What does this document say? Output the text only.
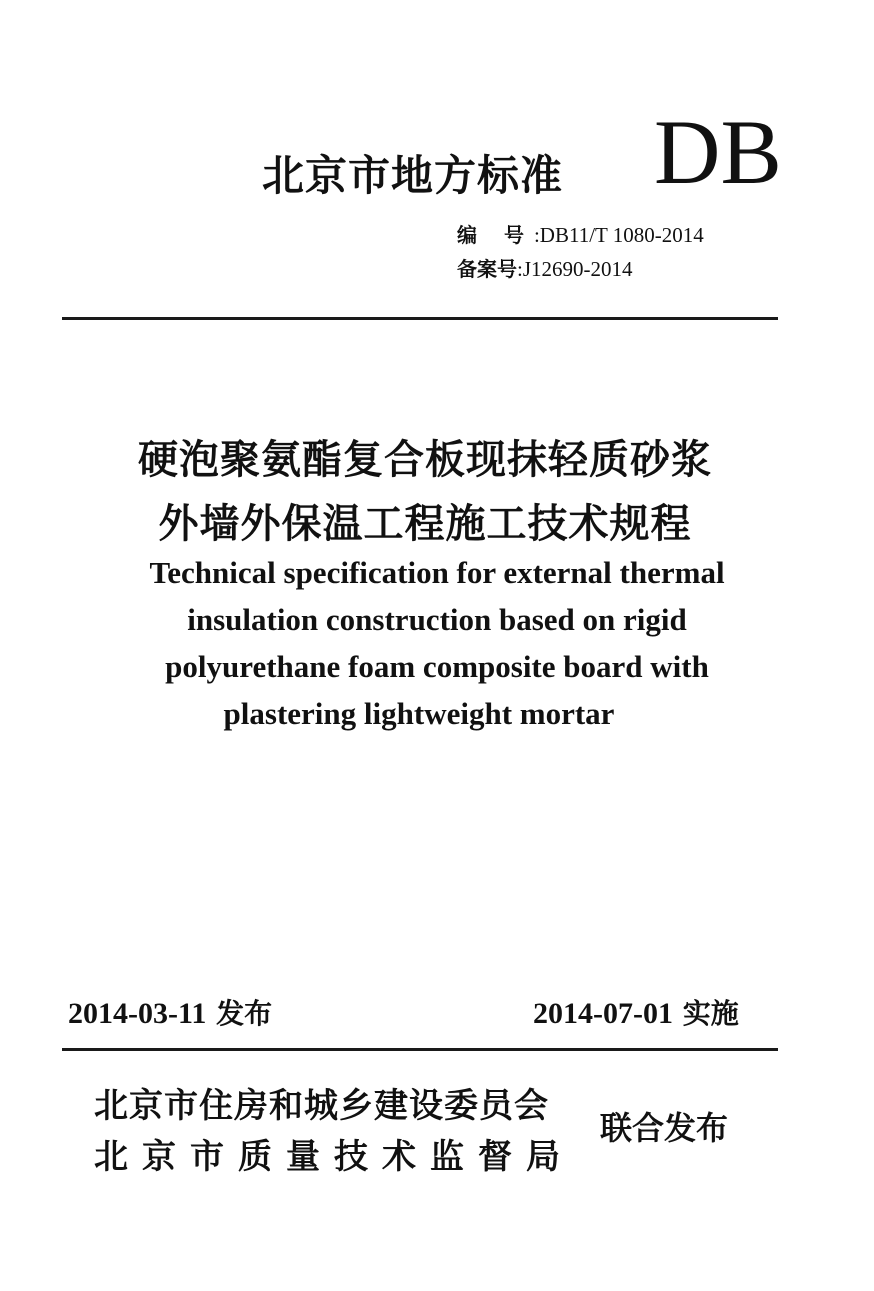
北京市地方标准 DB
编 号:DB11/T 1080-2014
备案号:J12690-2014
硬泡聚氨酯复合板现抹轻质砂浆
外墙外保温工程施工技术规程
Technical specification for external thermal
insulation construction based on rigid
polyurethane foam composite board with
plastering lightweight mortar
2014-03-11 发布	2014-07-01 实施
北京市住房和城乡建设委员会
北京市质量技术监督局
联合发布
